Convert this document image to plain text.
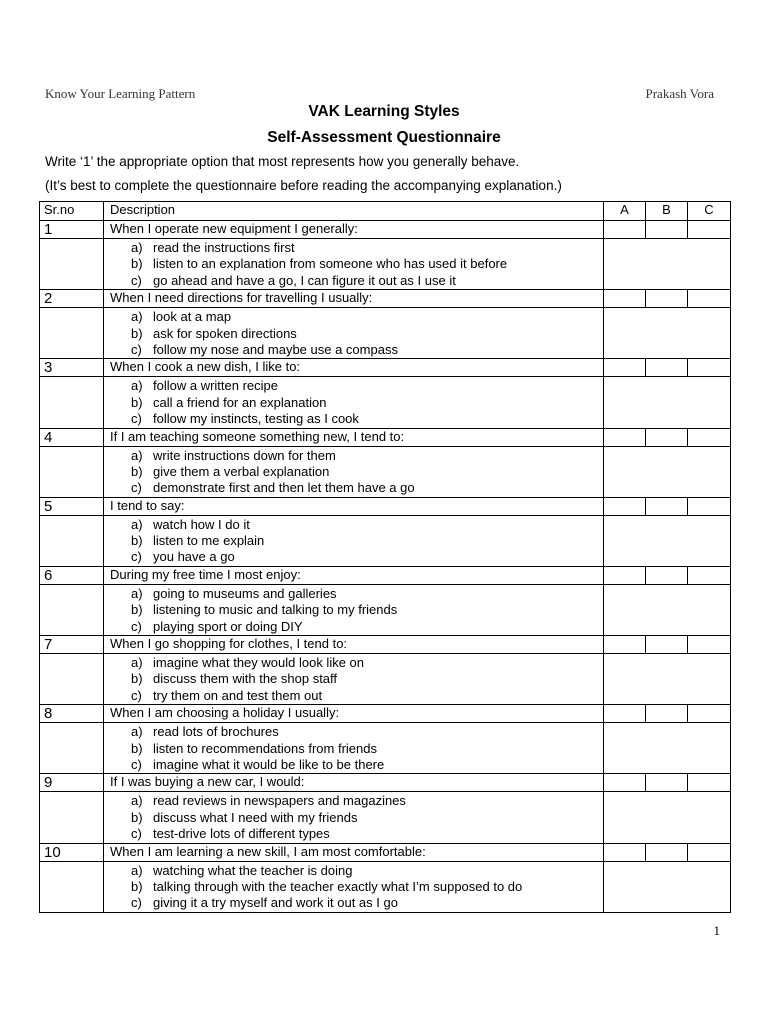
Know Your Learning Pattern	Prakash Vora
VAK Learning Styles
Self-Assessment Questionnaire
Write ‘1’ the appropriate option that most represents how you generally behave.
(It’s best to complete the questionnaire before reading the accompanying explanation.)
Sr.no	Description	A	B	C
1	When I operate new equipment I generally:			

	a) read the instructions first
b) listen to an explanation from someone who has used it before
c) go ahead and have a go, I can figure it out as I use it			

2	When I need directions for travelling I usually:			

	a) look at a map
b) ask for spoken directions
c) follow my nose and maybe use a compass			

3	When I cook a new dish, I like to:			

	a) follow a written recipe
b) call a friend for an explanation
c) follow my instincts, testing as I cook			

4	If I am teaching someone something new, I tend to:			

	a) write instructions down for them
b) give them a verbal explanation
c) demonstrate first and then let them have a go			

5	I tend to say:			

	a) watch how I do it
b) listen to me explain
c) you have a go			

6	During my free time I most enjoy:			

	a) going to museums and galleries
b) listening to music and talking to my friends
c) playing sport or doing DIY			

7	When I go shopping for clothes, I tend to:			

	a) imagine what they would look like on
b) discuss them with the shop staff
c) try them on and test them out			

8	When I am choosing a holiday I usually:			

	a) read lots of brochures
b) listen to recommendations from friends
c) imagine what it would be like to be there			

9	If I was buying a new car, I would:			

	a) read reviews in newspapers and magazines
b) discuss what I need with my friends
c) test-drive lots of different types			

10	When I am learning a new skill, I am most comfortable:			

	a) watching what the teacher is doing
b) talking through with the teacher exactly what I’m supposed to do
c) giving it a try myself and work it out as I go			

1
